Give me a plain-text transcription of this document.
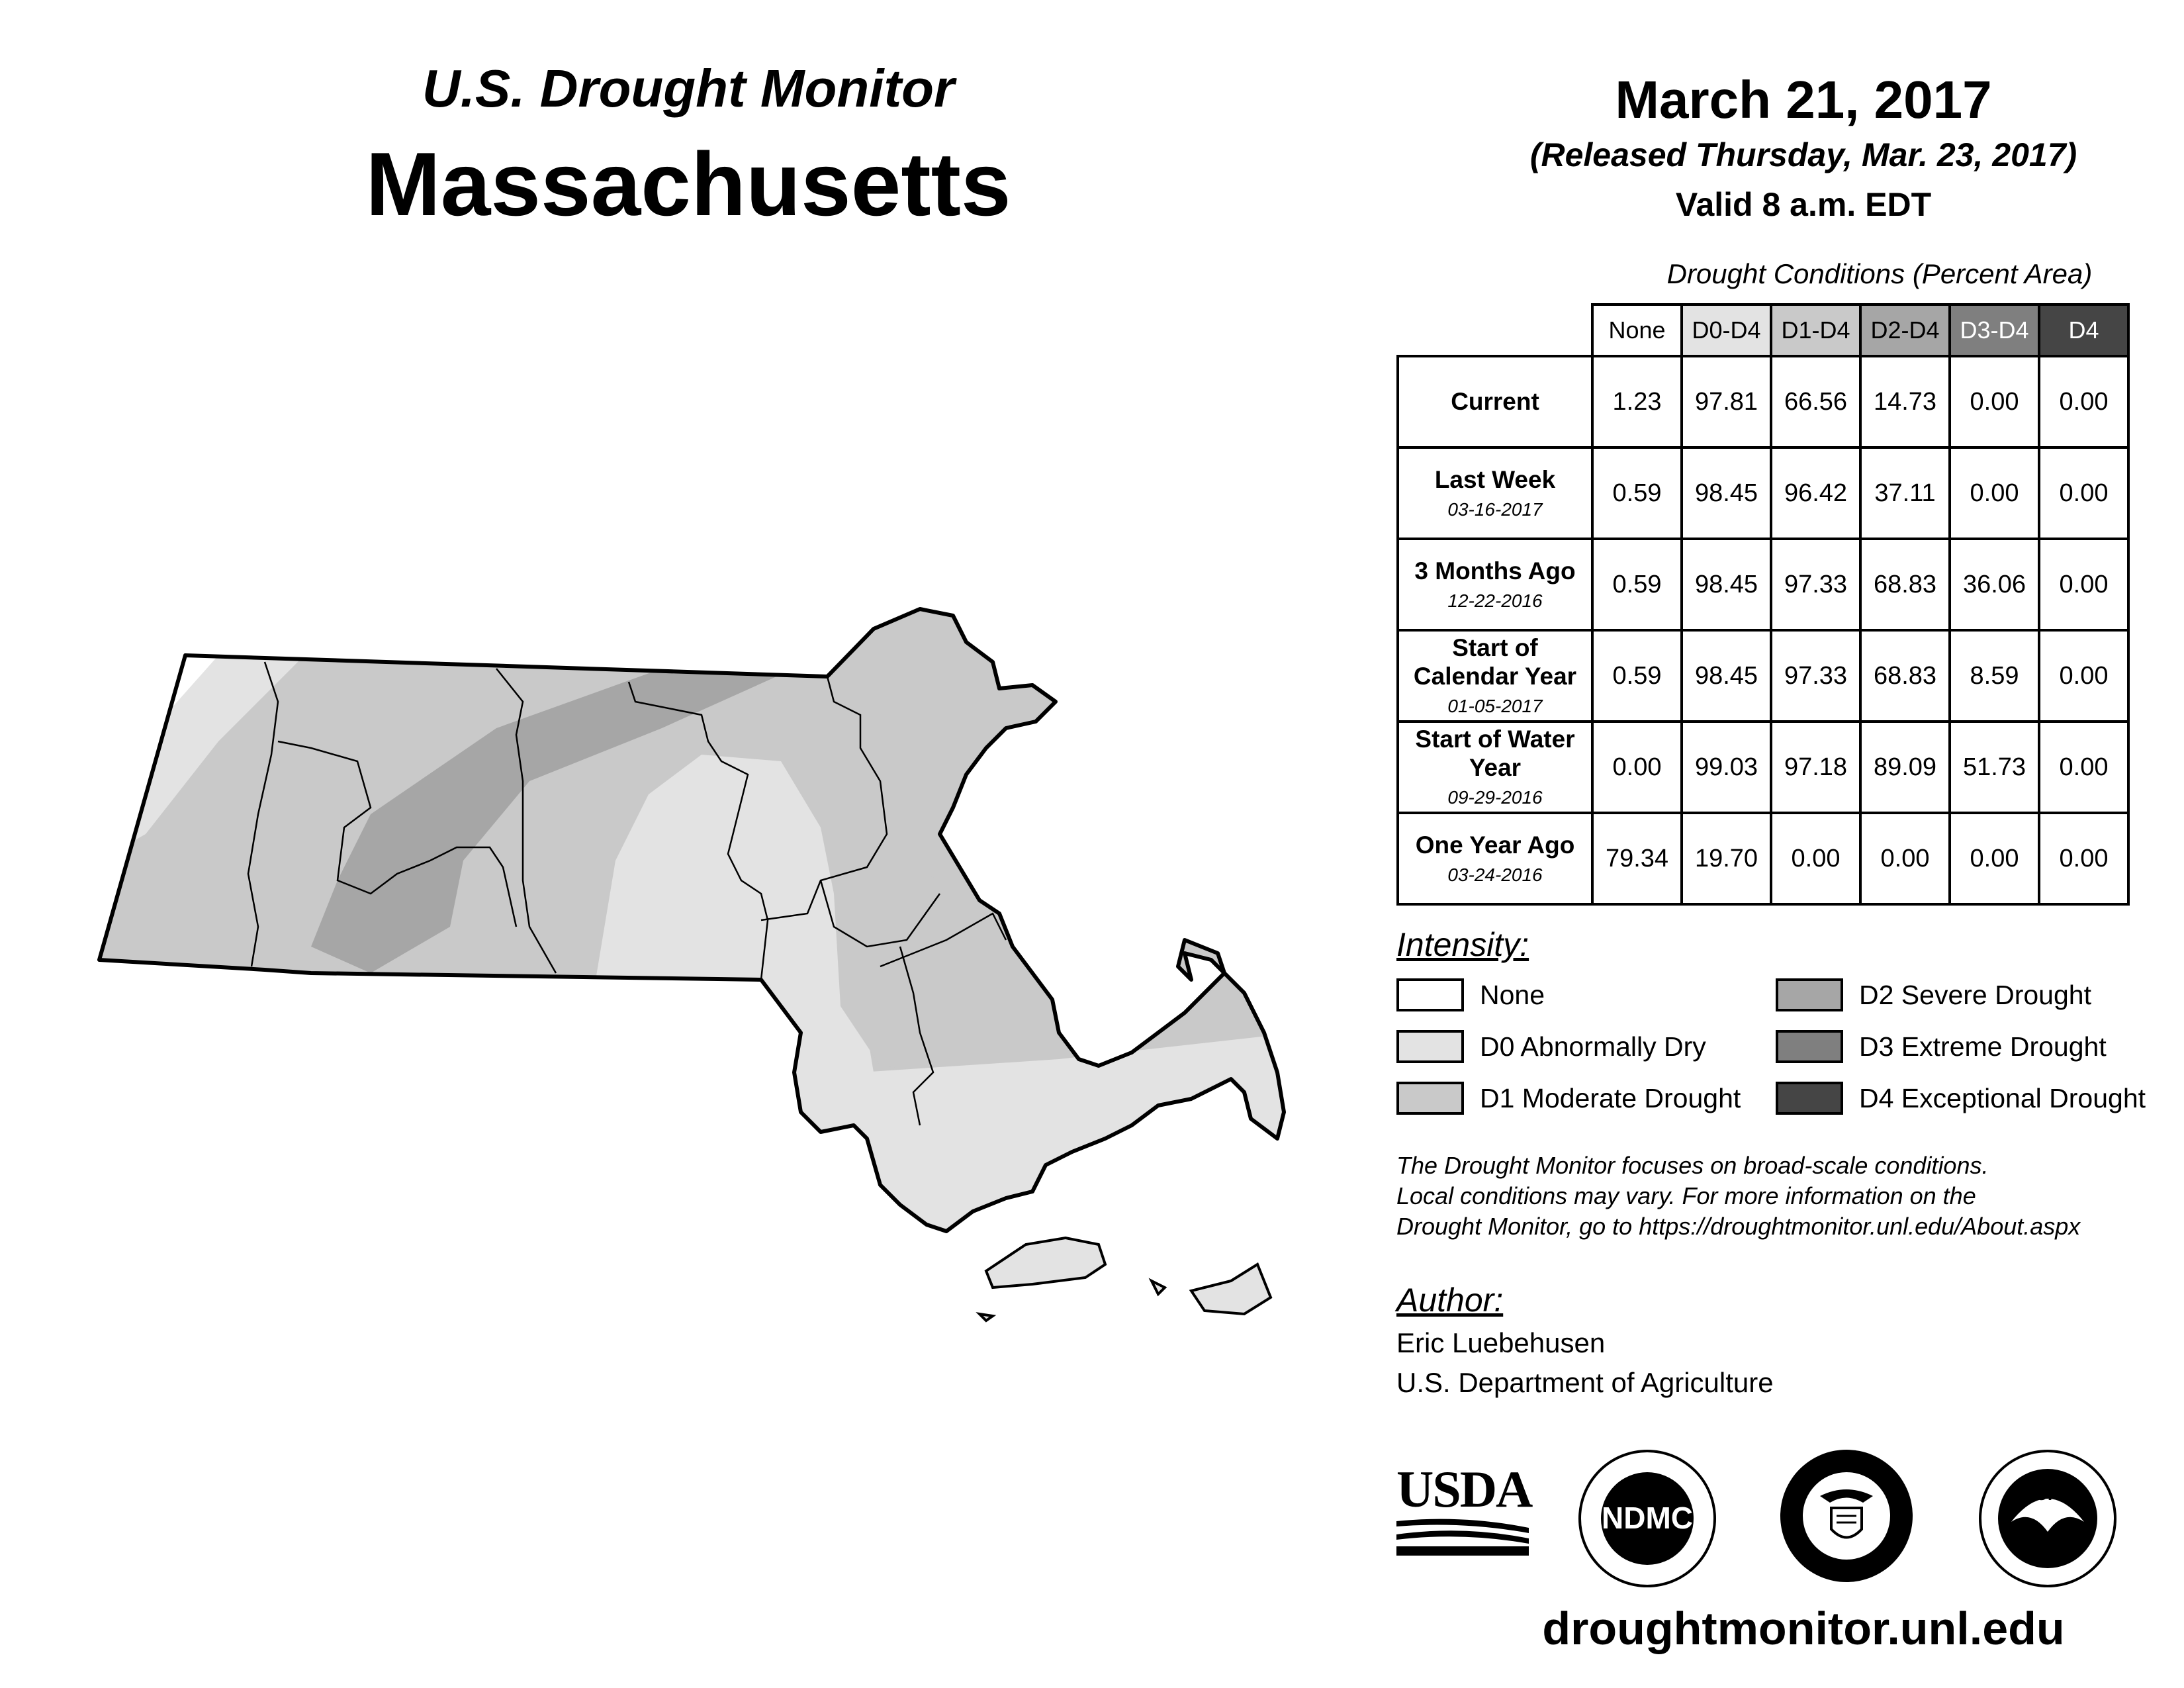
U.S. Drought Monitor
Massachusetts
March 21, 2017
(Released Thursday, Mar. 23, 2017)
Valid 8 a.m. EDT
Drought Conditions (Percent Area)
	None	D0-D4	D1-D4	D2-D4	D3-D4	D4
Current	1.23	97.81	66.56	14.73	0.00	0.00
Last Week
03-16-2017	0.59	98.45	96.42	37.11	0.00	0.00
3 Months Ago
12-22-2016	0.59	98.45	97.33	68.83	36.06	0.00
Start of Calendar Year
01-05-2017	0.59	98.45	97.33	68.83	8.59	0.00
Start of Water Year
09-29-2016	0.00	99.03	97.18	89.09	51.73	0.00
One Year Ago
03-24-2016	79.34	19.70	0.00	0.00	0.00	0.00
Intensity:
None
D0 Abnormally Dry
D1 Moderate Drought
D2 Severe Drought
D3 Extreme Drought
D4 Exceptional Drought
The Drought Monitor focuses on broad-scale conditions.
Local conditions may vary. For more information on the
Drought Monitor, go to https://droughtmonitor.unl.edu/About.aspx
Author:
Eric Luebehusen
U.S. Department of Agriculture
USDA	NDMC
NOAA
droughtmonitor.unl.edu
